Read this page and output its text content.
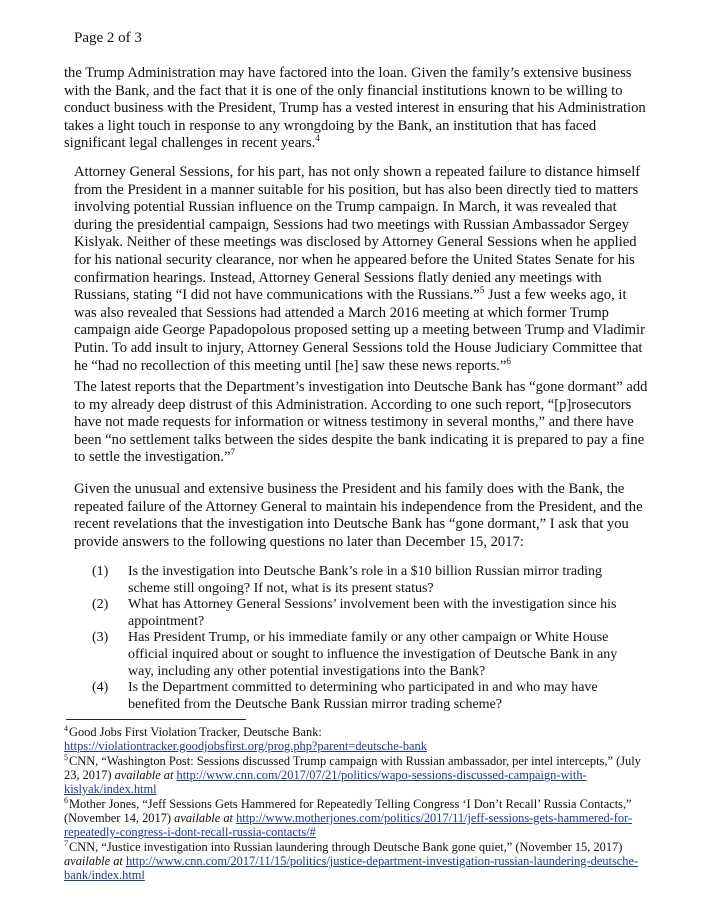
Page 2 of 3

the Trump Administration may have factored into the loan. Given the family’s extensive business with the Bank, and the fact that it is one of the only financial institutions known to be willing to conduct business with the President, Trump has a vested interest in ensuring that his Administration takes a light touch in response to any wrongdoing by the Bank, an institution that has faced significant legal challenges in recent years.$^4$

Attorney General Sessions, for his part, has not only shown a repeated failure to distance himself from the President in a manner suitable for his position, but has also been directly tied to matters involving potential Russian influence on the Trump campaign. In March, it was revealed that during the presidential campaign, Sessions had two meetings with Russian Ambassador Sergey Kislyak. Neither of these meetings was disclosed by Attorney General Sessions when he applied for his national security clearance, nor when he appeared before the United States Senate for his confirmation hearings. Instead, Attorney General Sessions flatly denied any meetings with Russians, stating “I did not have communications with the Russians.”$^5$ Just a few weeks ago, it was also revealed that Sessions had attended a March 2016 meeting at which former Trump campaign aide George Papadopolous proposed setting up a meeting between Trump and Vladimir Putin. To add insult to injury, Attorney General Sessions told the House Judiciary Committee that he “had no recollection of this meeting until [he] saw these news reports.”$^6$

The latest reports that the Department’s investigation into Deutsche Bank has “gone dormant” add to my already deep distrust of this Administration. According to one such report, “[p]rosecutors have not made requests for information or witness testimony in several months,” and there have been “no settlement talks between the sides despite the bank indicating it is prepared to pay a fine to settle the investigation.”$^7$

Given the unusual and extensive business the President and his family does with the Bank, the repeated failure of the Attorney General to maintain his independence from the President, and the recent revelations that the investigation into Deutsche Bank has “gone dormant,” I ask that you provide answers to the following questions no later than December 15, 2017:

(1) Is the investigation into Deutsche Bank’s role in a $10 billion Russian mirror trading scheme still ongoing? If not, what is its present status?
(2) What has Attorney General Sessions’ involvement been with the investigation since his appointment?
(3) Has President Trump, or his immediate family or any other campaign or White House official inquired about or sought to influence the investigation of Deutsche Bank in any way, including any other potential investigations into the Bank?
(4) Is the Department committed to determining who participated in and who may have benefited from the Deutsche Bank Russian mirror trading scheme?

$^4$Good Jobs First Violation Tracker, Deutsche Bank:
https://violationtracker.goodjobsfirst.org/prog.php?parent=deutsche-bank

$^5$CNN, “Washington Post: Sessions discussed Trump campaign with Russian ambassador, per intel intercepts,” (July 23, 2017) available at http://www.cnn.com/2017/07/21/politics/wapo-sessions-discussed-campaign-with-kislyak/index.html

$^6$Mother Jones, “Jeff Sessions Gets Hammered for Repeatedly Telling Congress ‘I Don’t Recall’ Russia Contacts,” (November 14, 2017) available at http://www.motherjones.com/politics/2017/11/jeff-sessions-gets-hammered-for-repeatedly-congress-i-dont-recall-russia-contacts/#

$^7$CNN, “Justice investigation into Russian laundering through Deutsche Bank gone quiet,” (November 15, 2017) available at http://www.cnn.com/2017/11/15/politics/justice-department-investigation-russian-laundering-deutsche-bank/index.html
